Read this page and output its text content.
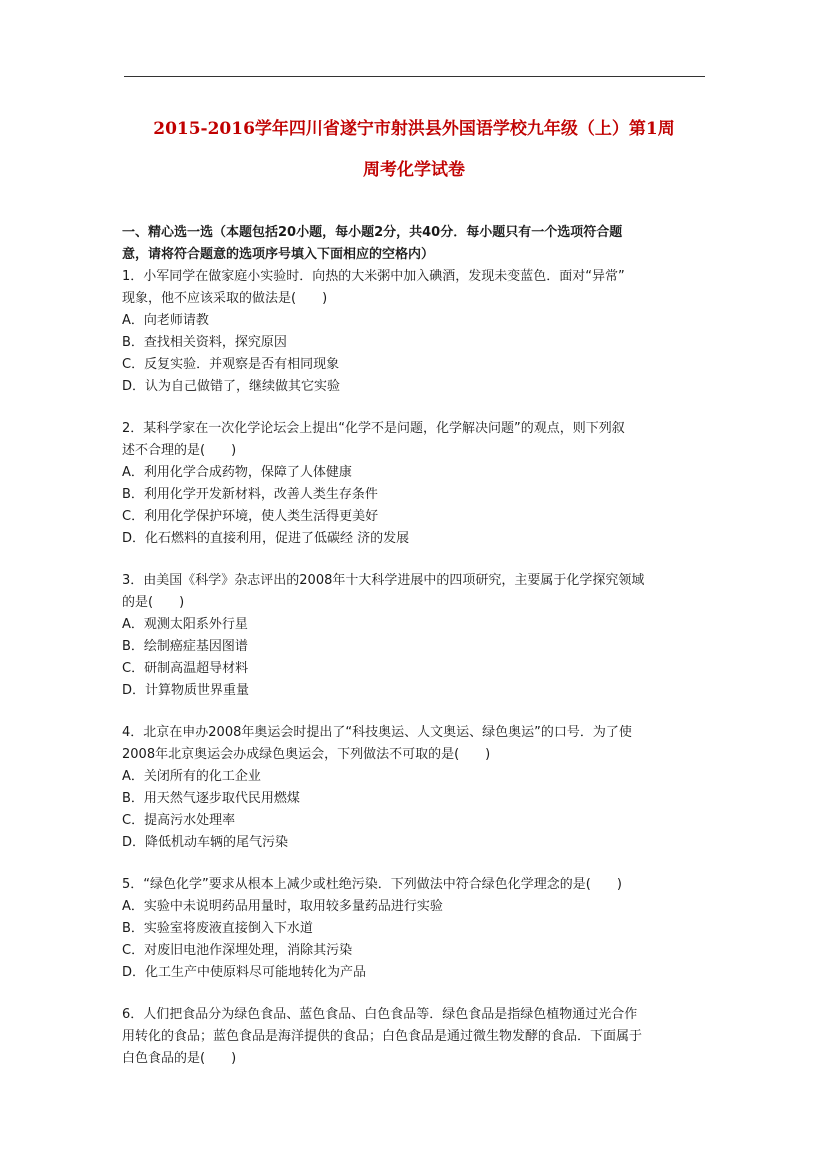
2015-2016学年四川省遂宁市射洪县外国语学校九年级（上）第1周
周考化学试卷

一、精心选一选（本题包括20小题，每小题2分，共40分．每小题只有一个选项符合题

意，请将符合题意的选项序号填入下面相应的空格内）

1．小军同学在做家庭小实验时．向热的大米粥中加入碘酒，发现未变蓝色．面对“异常”

现象，他不应该采取的做法是(　　)

A．向老师请教

B．查找相关资料，探究原因

C．反复实验．并观察是否有相同现象

D．认为自己做错了，继续做其它实验

2．某科学家在一次化学论坛会上提出“化学不是问题，化学解决问题”的观点，则下列叙

述不合理的是(　　)

A．利用化学合成药物，保障了人体健康

B．利用化学开发新材料，改善人类生存条件

C．利用化学保护环境，使人类生活得更美好

D．化石燃料的直接利用，促进了低碳经 济的发展

3．由美国《科学》杂志评出的2008年十大科学进展中的四项研究，主要属于化学探究领域

的是(　　)

A．观测太阳系外行星

B．绘制癌症基因图谱

C．研制高温超导材料

D．计算物质世界重量

4．北京在申办2008年奥运会时提出了“科技奥运、人文奥运、绿色奥运”的口号．为了使

2008年北京奥运会办成绿色奥运会，下列做法不可取的是(　　)

A．关闭所有的化工企业

B．用天然气逐步取代民用燃煤

C．提高污水处理率

D．降低机动车辆的尾气污染

5．“绿色化学”要求从根本上减少或杜绝污染．下列做法中符合绿色化学理念的是(　　)

A．实验中未说明药品用量时，取用较多量药品进行实验

B．实验室将废液直接倒入下水道

C．对废旧电池作深埋处理，消除其污染

D．化工生产中使原料尽可能地转化为产品

6．人们把食品分为绿色食品、蓝色食品、白色食品等．绿色食品是指绿色植物通过光合作

用转化的食品；蓝色食品是海洋提供的食品；白色食品是通过微生物发酵的食品．下面属于

白色食品的是(　　)
